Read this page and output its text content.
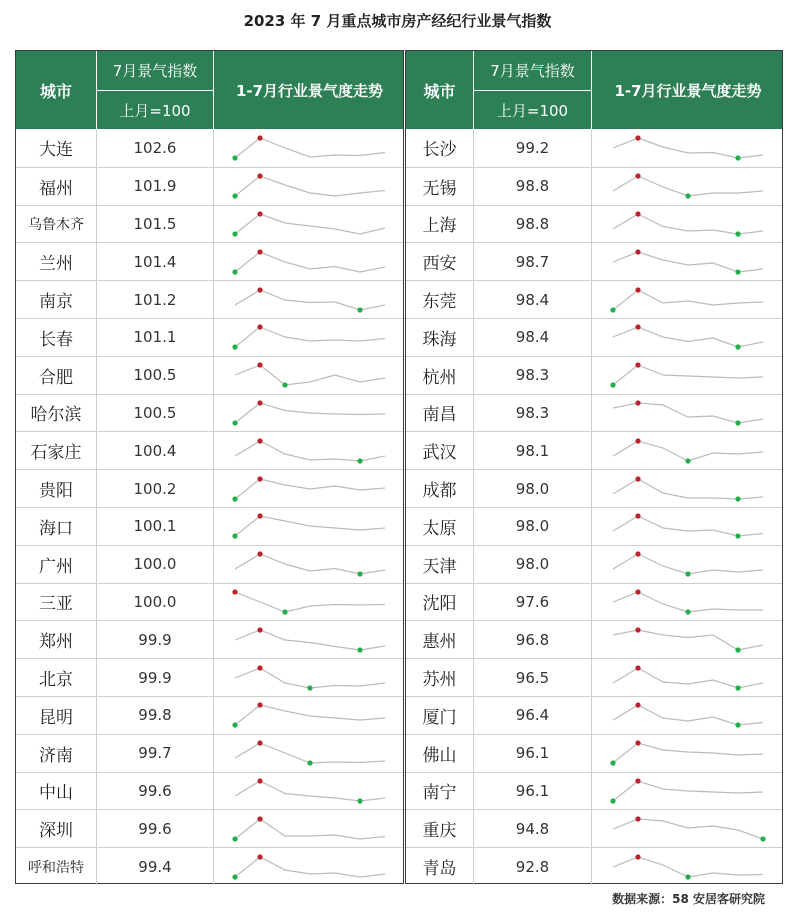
2023 年 7 月重点城市房产经纪行业景气指数
城市
7月景气指数
上月=100
1-7月行业景气度走势
大连	102.6
福州	101.9
乌鲁木齐	101.5
兰州	101.4
南京	101.2
长春	101.1
合肥	100.5
哈尔滨	100.5
石家庄	100.4
贵阳	100.2
海口	100.1
广州	100.0
三亚	100.0
郑州	99.9
北京	99.9
昆明	99.8
济南	99.7
中山	99.6
深圳	99.6
呼和浩特	99.4
城市
7月景气指数
上月=100
1-7月行业景气度走势
长沙	99.2
无锡	98.8
上海	98.8
西安	98.7
东莞	98.4
珠海	98.4
杭州	98.3
南昌	98.3
武汉	98.1
成都	98.0
太原	98.0
天津	98.0
沈阳	97.6
惠州	96.8
苏州	96.5
厦门	96.4
佛山	96.1
南宁	96.1
重庆	94.8
青岛	92.8
数据来源：58 安居客研究院
